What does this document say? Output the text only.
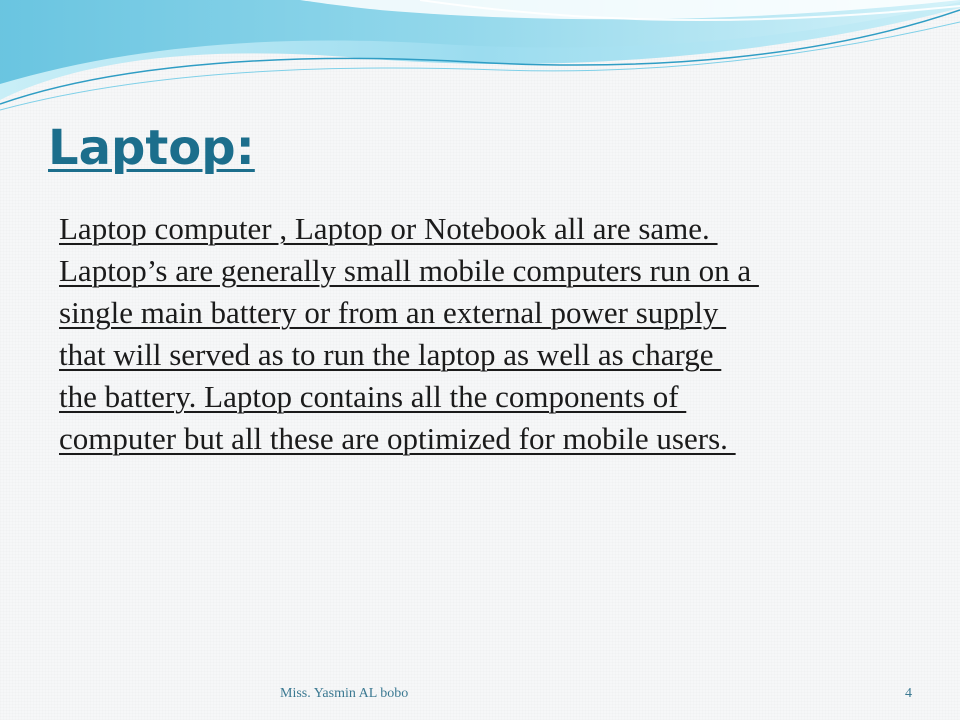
Laptop:
Laptop computer , Laptop or Notebook all are same.
Laptop’s are generally small mobile computers run on a
single main battery or from an external power supply
that will served as to run the laptop as well as charge
the battery. Laptop contains all the components of
computer but all these are optimized for mobile users.
Miss. Yasmin AL bobo	4
